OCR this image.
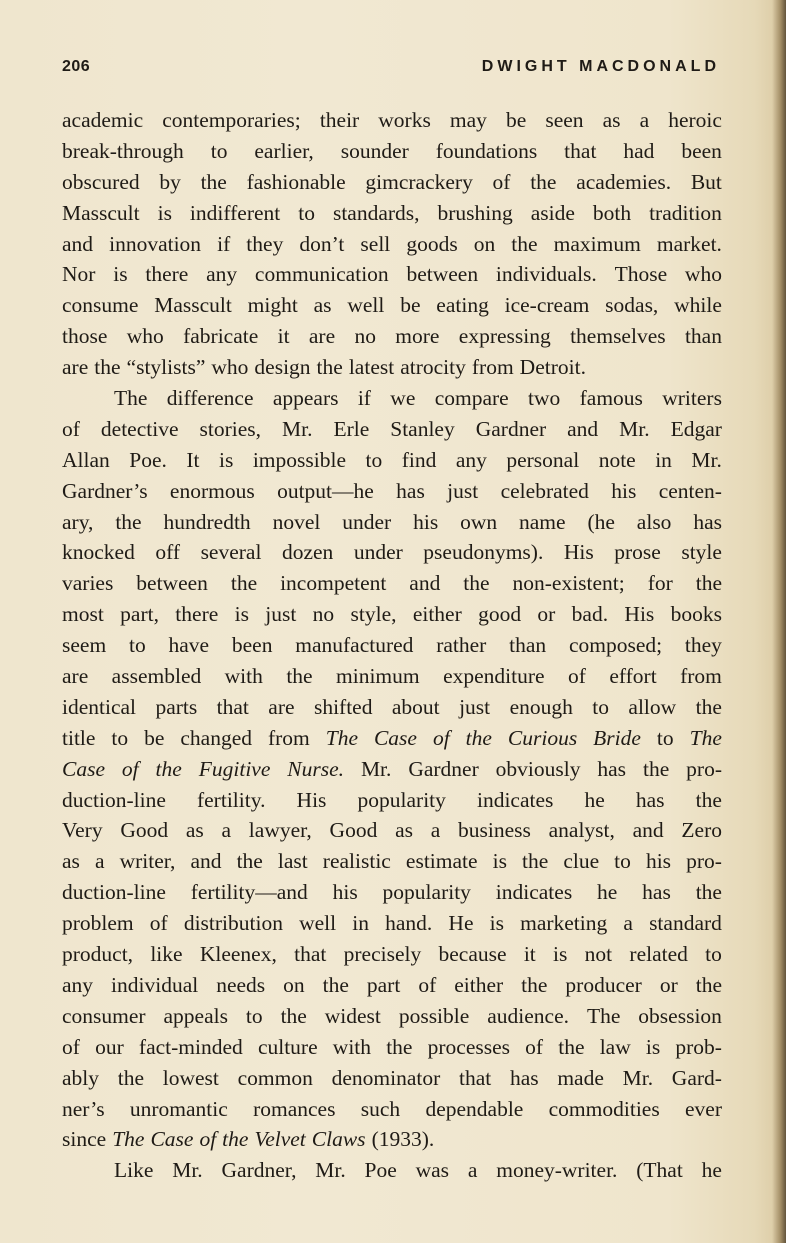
206	DWIGHT MACDONALD
academic contemporaries; their works may be seen as a heroic
break-through to earlier, sounder foundations that had been
obscured by the fashionable gimcrackery of the academies. But
Masscult is indifferent to standards, brushing aside both tradition
and innovation if they don’t sell goods on the maximum market.
Nor is there any communication between individuals. Those who
consume Masscult might as well be eating ice-cream sodas, while
those who fabricate it are no more expressing themselves than
are the “stylists” who design the latest atrocity from Detroit.
The difference appears if we compare two famous writers
of detective stories, Mr. Erle Stanley Gardner and Mr. Edgar
Allan Poe. It is impossible to find any personal note in Mr.
Gardner’s enormous output—he has just celebrated his centen-
ary, the hundredth novel under his own name (he also has
knocked off several dozen under pseudonyms). His prose style
varies between the incompetent and the non-existent; for the
most part, there is just no style, either good or bad. His books
seem to have been manufactured rather than composed; they
are assembled with the minimum expenditure of effort from
identical parts that are shifted about just enough to allow the
title to be changed from The Case of the Curious Bride to The
Case of the Fugitive Nurse. Mr. Gardner obviously has the pro-
duction-line fertility. His popularity indicates he has the
Very Good as a lawyer, Good as a business analyst, and Zero
as a writer, and the last realistic estimate is the clue to his pro-
duction-line fertility—and his popularity indicates he has the
problem of distribution well in hand. He is marketing a standard
product, like Kleenex, that precisely because it is not related to
any individual needs on the part of either the producer or the
consumer appeals to the widest possible audience. The obsession
of our fact-minded culture with the processes of the law is prob-
ably the lowest common denominator that has made Mr. Gard-
ner’s unromantic romances such dependable commodities ever
since The Case of the Velvet Claws (1933).
Like Mr. Gardner, Mr. Poe was a money-writer. (That he
